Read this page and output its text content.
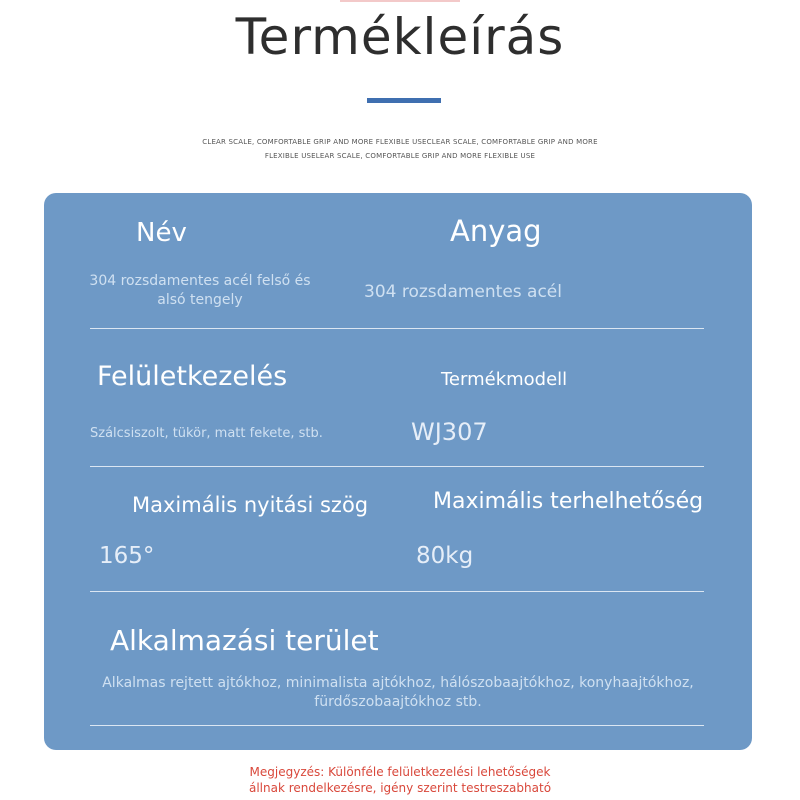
Termékleírás
CLEAR SCALE, COMFORTABLE GRIP AND MORE FLEXIBLE USECLEAR SCALE, COMFORTABLE GRIP AND MORE
FLEXIBLE USELEAR SCALE, COMFORTABLE GRIP AND MORE FLEXIBLE USE
Név
304 rozsdamentes acél felső és
alsó tengely
Anyag
304 rozsdamentes acél
Felületkezelés
Szálcsiszolt, tükör, matt fekete, stb.
Termékmodell
WJ307
Maximális nyitási szög
165°
Maximális terhelhetőség
80kg
Alkalmazási terület
Alkalmas rejtett ajtókhoz, minimalista ajtókhoz, hálószobaajtókhoz, konyhaajtókhoz,
fürdőszobaajtókhoz stb.
Megjegyzés: Különféle felületkezelési lehetőségek
állnak rendelkezésre, igény szerint testreszabható
